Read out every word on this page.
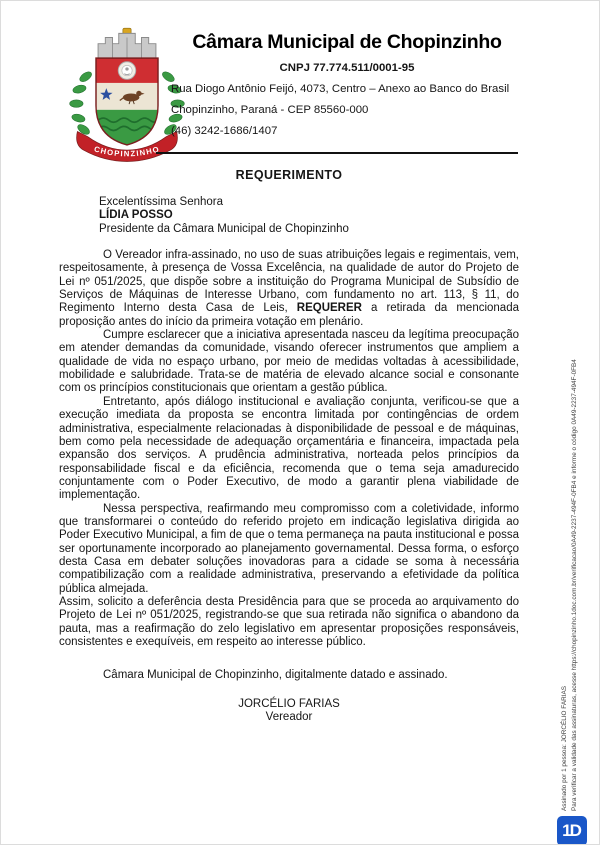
CHOPINZINHO
Câmara Municipal de Chopinzinho
CNPJ 77.774.511/0001-95
Rua Diogo Antônio Feijó, 4073, Centro – Anexo ao Banco do Brasil
Chopinzinho, Paraná - CEP 85560-000
(46) 3242-1686/1407
REQUERIMENTO
Excelentíssima Senhora
LÍDIA POSSO
Presidente da Câmara Municipal de Chopinzinho

O Vereador infra-assinado, no uso de suas atribuições legais e regimentais, vem, respeitosamente, à presença de Vossa Excelência, na qualidade de autor do Projeto de Lei nº 051/2025, que dispõe sobre a instituição do Programa Municipal de Subsídio de Serviços de Máquinas de Interesse Urbano, com fundamento no art. 113, § 11, do Regimento Interno desta Casa de Leis, REQUERER a retirada da mencionada proposição antes do início da primeira votação em plenário.

Cumpre esclarecer que a iniciativa apresentada nasceu da legítima preocupação em atender demandas da comunidade, visando oferecer instrumentos que ampliem a qualidade de vida no espaço urbano, por meio de medidas voltadas à acessibilidade, mobilidade e salubridade. Trata-se de matéria de elevado alcance social e consonante com os princípios constitucionais que orientam a gestão pública.

Entretanto, após diálogo institucional e avaliação conjunta, verificou-se que a execução imediata da proposta se encontra limitada por contingências de ordem administrativa, especialmente relacionadas à disponibilidade de pessoal e de máquinas, bem como pela necessidade de adequação orçamentária e financeira, impactada pela expansão dos serviços. A prudência administrativa, norteada pelos princípios da responsabilidade fiscal e da eficiência, recomenda que o tema seja amadurecido conjuntamente com o Poder Executivo, de modo a garantir plena viabilidade de implementação.

Nessa perspectiva, reafirmando meu compromisso com a coletividade, informo que transformarei o conteúdo do referido projeto em indicação legislativa dirigida ao Poder Executivo Municipal, a fim de que o tema permaneça na pauta institucional e possa ser oportunamente incorporado ao planejamento governamental. Dessa forma, o esforço desta Casa em debater soluções inovadoras para a cidade se soma à necessária compatibilização com a realidade administrativa, preservando a efetividade da política pública almejada.

Assim, solicito a deferência desta Presidência para que se proceda ao arquivamento do Projeto de Lei nº 051/2025, registrando-se que sua retirada não significa o abandono da pauta, mas a reafirmação do zelo legislativo em apresentar proposições responsáveis, consistentes e exequíveis, em respeito ao interesse público.

Câmara Municipal de Chopinzinho, digitalmente datado e assinado.
JORCÉLIO FARIAS
Vereador	Assinado por 1 pessoa: JORCÉLIO FARIAS Para verificar a validade das assinaturas, acesse https://chopinzinho.1doc.com.br/verificacao/0A49-2237-494F-0FB4 e informe o código 0A49-2237-494F-0FB4
1D
